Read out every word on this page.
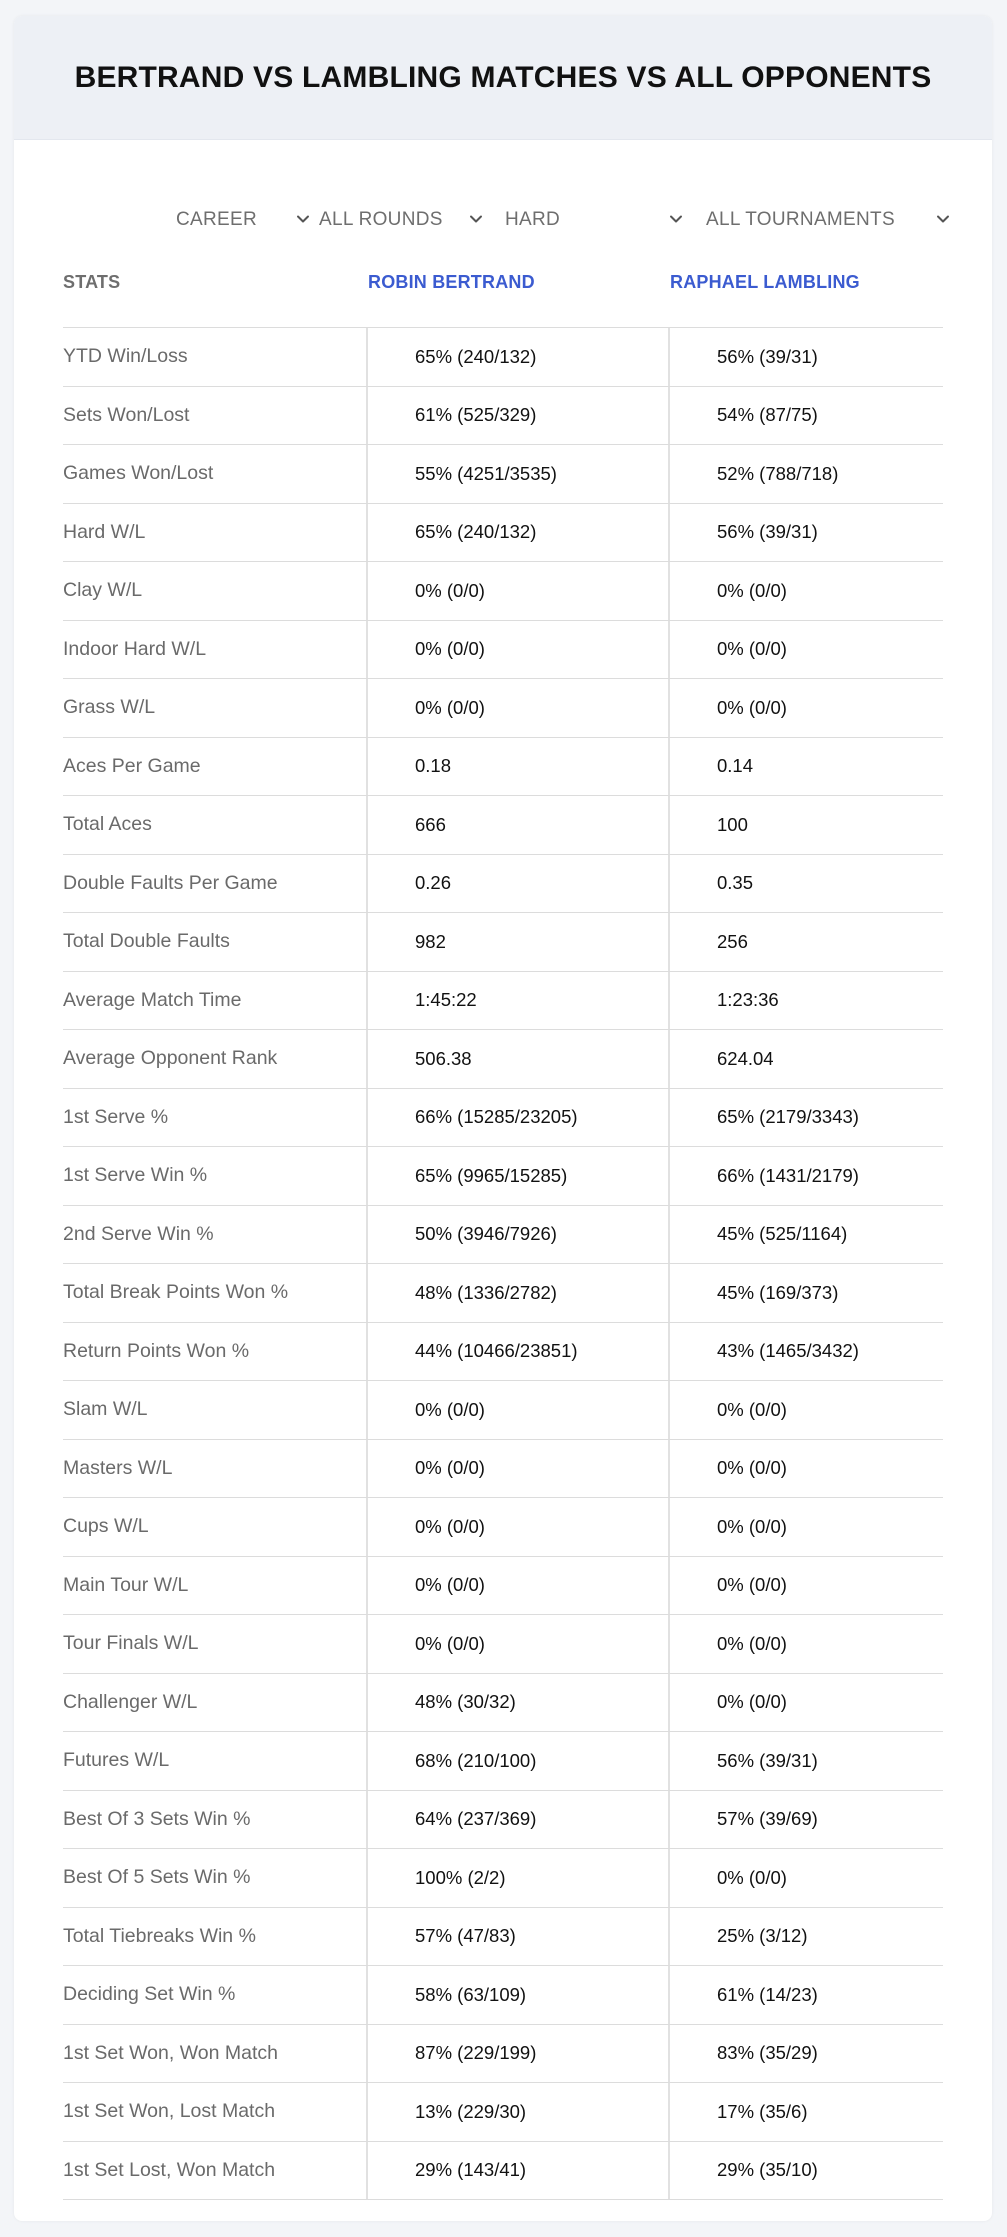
BERTRAND VS LAMBLING MATCHES VS ALL OPPONENTS
CAREER	ALL ROUNDS	HARD	ALL TOURNAMENTS
STATS	ROBIN BERTRAND	RAPHAEL LAMBLING
YTD Win/Loss	65% (240/132)	56% (39/31)
Sets Won/Lost	61% (525/329)	54% (87/75)
Games Won/Lost	55% (4251/3535)	52% (788/718)
Hard W/L	65% (240/132)	56% (39/31)
Clay W/L	0% (0/0)	0% (0/0)
Indoor Hard W/L	0% (0/0)	0% (0/0)
Grass W/L	0% (0/0)	0% (0/0)
Aces Per Game	0.18	0.14
Total Aces	666	100
Double Faults Per Game	0.26	0.35
Total Double Faults	982	256
Average Match Time	1:45:22	1:23:36
Average Opponent Rank	506.38	624.04
1st Serve %	66% (15285/23205)	65% (2179/3343)
1st Serve Win %	65% (9965/15285)	66% (1431/2179)
2nd Serve Win %	50% (3946/7926)	45% (525/1164)
Total Break Points Won %	48% (1336/2782)	45% (169/373)
Return Points Won %	44% (10466/23851)	43% (1465/3432)
Slam W/L	0% (0/0)	0% (0/0)
Masters W/L	0% (0/0)	0% (0/0)
Cups W/L	0% (0/0)	0% (0/0)
Main Tour W/L	0% (0/0)	0% (0/0)
Tour Finals W/L	0% (0/0)	0% (0/0)
Challenger W/L	48% (30/32)	0% (0/0)
Futures W/L	68% (210/100)	56% (39/31)
Best Of 3 Sets Win %	64% (237/369)	57% (39/69)
Best Of 5 Sets Win %	100% (2/2)	0% (0/0)
Total Tiebreaks Win %	57% (47/83)	25% (3/12)
Deciding Set Win %	58% (63/109)	61% (14/23)
1st Set Won, Won Match	87% (229/199)	83% (35/29)
1st Set Won, Lost Match	13% (229/30)	17% (35/6)
1st Set Lost, Won Match	29% (143/41)	29% (35/10)
